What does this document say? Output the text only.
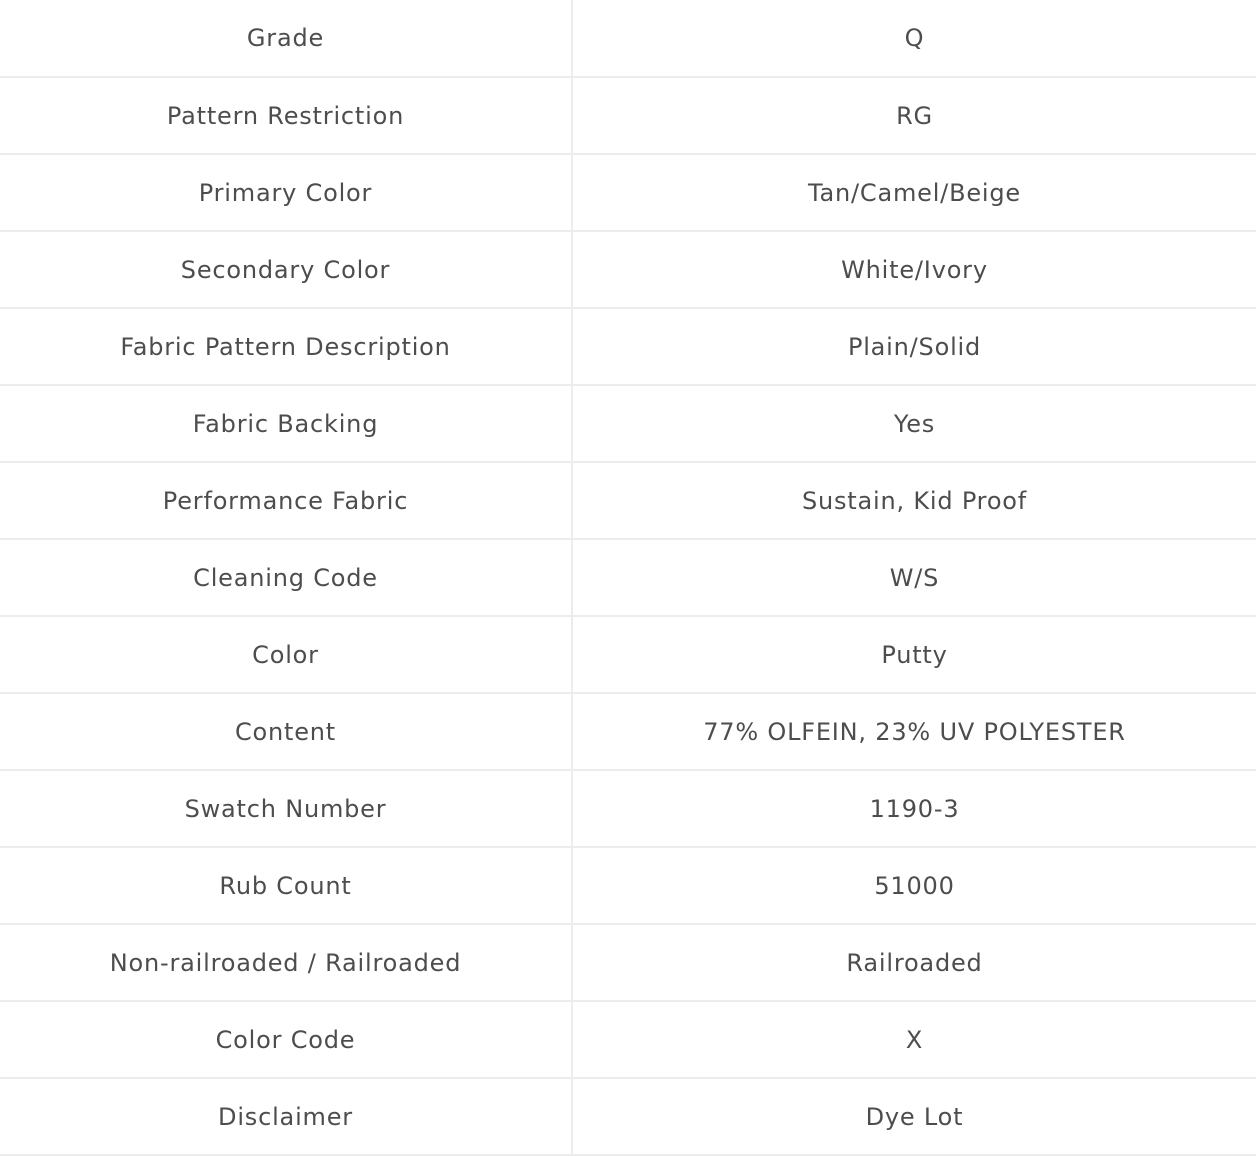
Grade	Q
Pattern Restriction	RG
Primary Color	Tan/Camel/Beige
Secondary Color	White/Ivory
Fabric Pattern Description	Plain/Solid
Fabric Backing	Yes
Performance Fabric	Sustain, Kid Proof
Cleaning Code	W/S
Color	Putty
Content	77% OLFEIN, 23% UV POLYESTER
Swatch Number	1190-3
Rub Count	51000
Non-railroaded / Railroaded	Railroaded
Color Code	X
Disclaimer	Dye Lot
